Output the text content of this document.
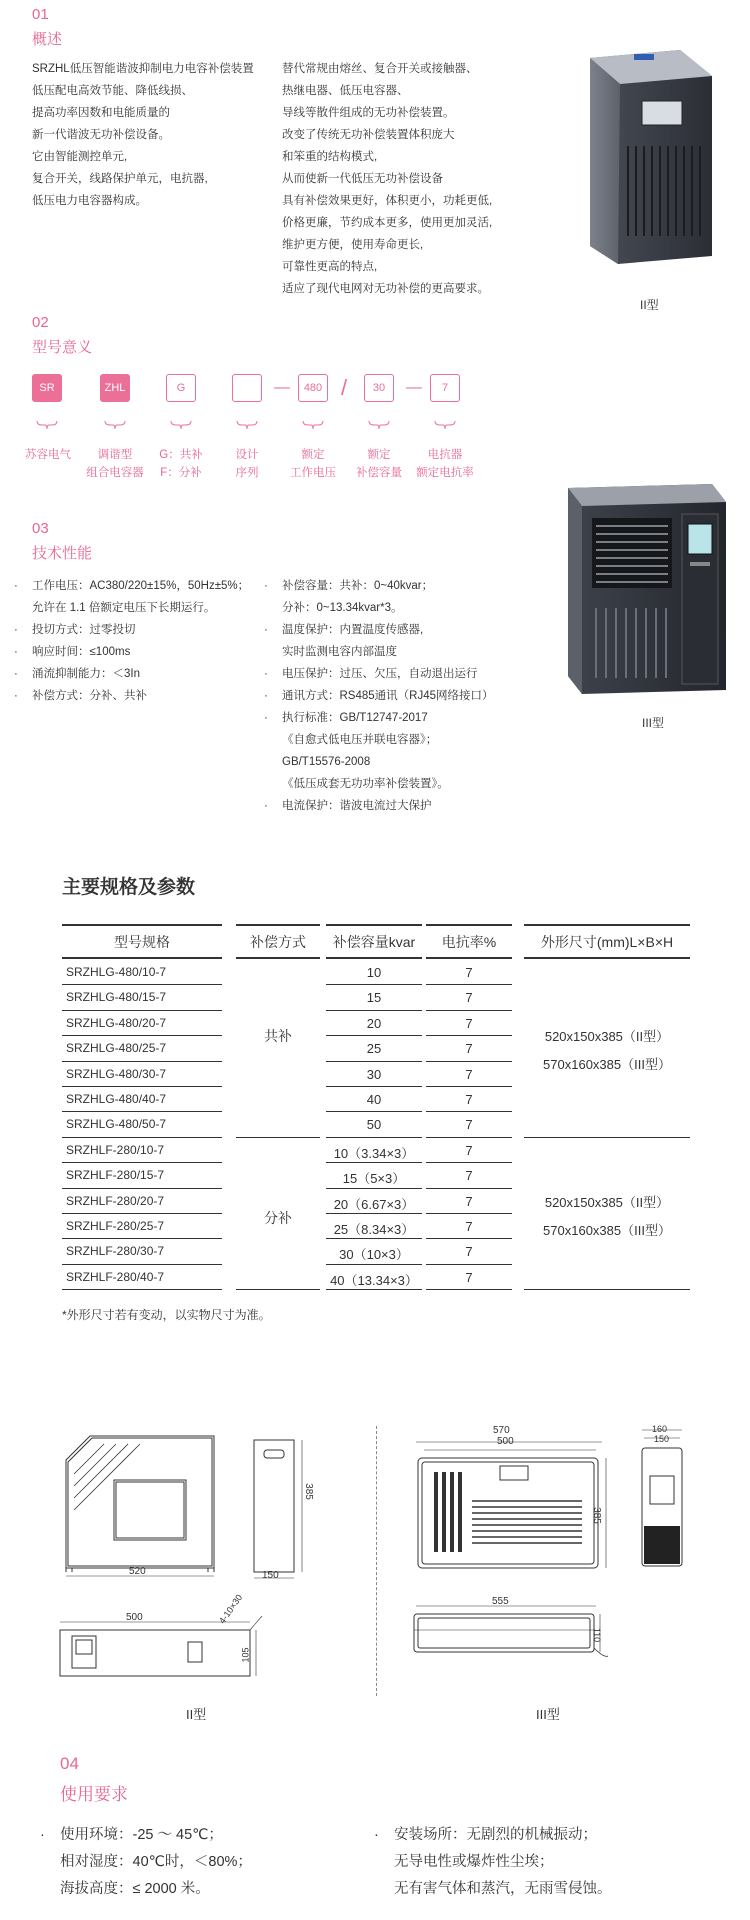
01
概述
SRZHL低压智能谐波抑制电力电容补偿装置
低压配电高效节能、降低线损、
提高功率因数和电能质量的
新一代谐波无功补偿设备。
它由智能测控单元,
复合开关，线路保护单元，电抗器,
低压电力电容器构成。
替代常规由熔丝、复合开关或接触器、
热继电器、低压电容器、
导线等散件组成的无功补偿装置。
改变了传统无功补偿装置体积庞大
和笨重的结构模式,
从而使新一代低压无功补偿设备
具有补偿效果更好，体积更小，功耗更低,
价格更廉，节约成本更多，使用更加灵活,
维护更方便，使用寿命更长,
可靠性更高的特点,
适应了现代电网对无功补偿的更高要求。
II型
02
型号意义
SR	ZHL	G	—	480 /	30	—	7
苏容电气	调谐型
组合电容器
G：共补
F：分补
设计
序列
额定
工作电压
额定
补偿容量
电抗器
额定电抗率
III型
03
技术性能
· 工作电压：AC380/220±15%，50Hz±5%；
允许在 1.1 倍额定电压下长期运行。
· 投切方式：过零投切
· 响应时间：≤100ms
· 涌流抑制能力：＜3In
· 补偿方式：分补、共补
· 补偿容量：共补：0~40kvar；
分补：0~13.34kvar*3。
· 温度保护：内置温度传感器,
实时监测电容内部温度
· 电压保护：过压、欠压，自动退出运行
· 通讯方式：RS485通讯（RJ45网络接口）
· 执行标准：GB/T12747-2017
《自愈式低电压并联电容器》；
GB/T15576-2008
《低压成套无功功率补偿装置》。
· 电流保护：谐波电流过大保护
主要规格及参数
型号规格	补偿方式	补偿容量kvar	电抗率%	外形尺寸(mm)L×B×H
SRZHLG-480/10-7	10	7
SRZHLG-480/15-7	15	7
SRZHLG-480/20-7	20	7
SRZHLG-480/25-7	25	7
SRZHLG-480/30-7	30	7
SRZHLG-480/40-7	40	7
SRZHLG-480/50-7	50	7
SRZHLF-280/10-7	10（3.34×3）	7
SRZHLF-280/15-7	15（5×3）	7
SRZHLF-280/20-7	20（6.67×3）	7
SRZHLF-280/25-7	25（8.34×3）	7
SRZHLF-280/30-7	30（10×3）	7
SRZHLF-280/40-7	40（13.34×3）	7
共补
分补
520x150x385（II型）
570x160x385（III型）
520x150x385（II型）
570x160x385（III型）
*外形尺寸若有变动，以实物尺寸为准。
520
385
150
500
105
4-10×30
570
500
385
160
150
555
110
II型	III型
04
使用要求
· 使用环境：-25 ～ 45℃；
相对湿度：40℃时，＜80%；
海拔高度：≤ 2000 米。
· 安装场所：无剧烈的机械振动；
无导电性或爆炸性尘埃；
无有害气体和蒸汽，无雨雪侵蚀。
